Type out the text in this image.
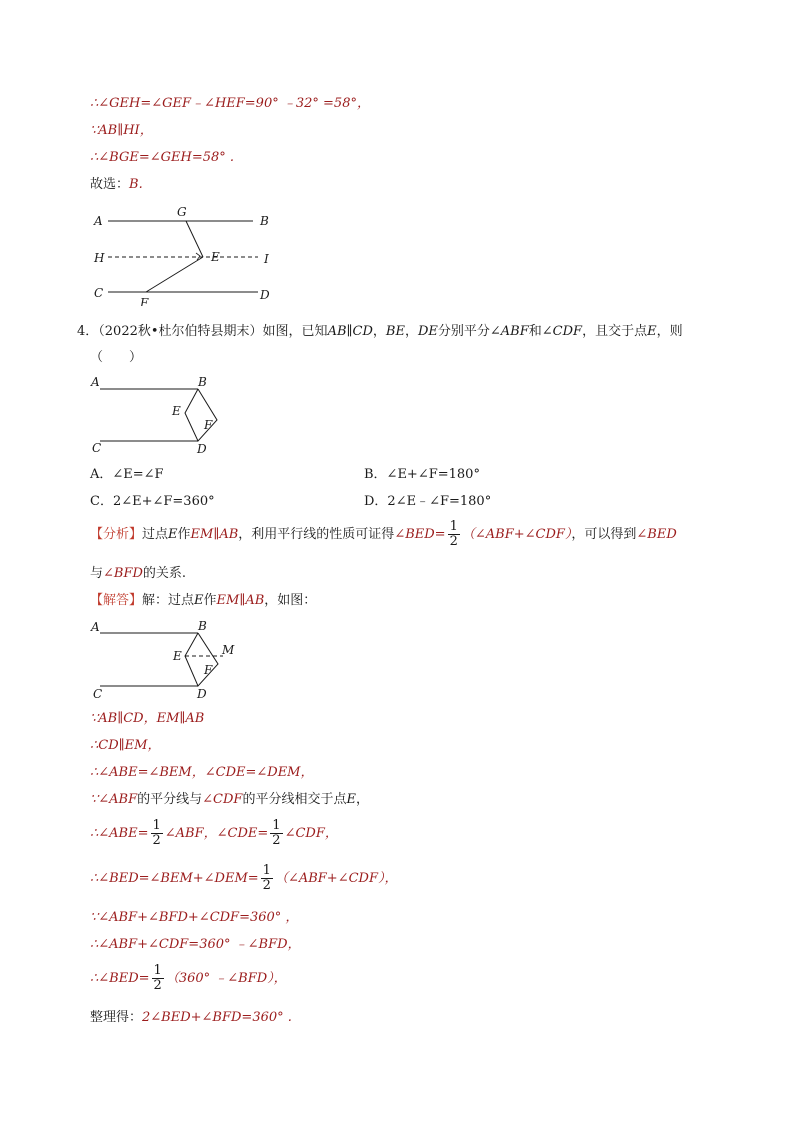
∴∠GEH=∠GEF﹣∠HEF=90° ﹣32° =58°，
∵AB∥HI，
∴∠BGE=∠GEH=58° .
故选：B.
A
G
B
H	E	I
C
F
D
4．（2022秋•杜尔伯特县期末）如图，已知AB∥CD，BE，DE分别平分∠ABF和∠CDF，且交于点E，则
（　　）
A	B
E
F
C	D
A．∠E=∠F	B．∠E+∠F=180°
C．2∠E+∠F=360°	D．2∠E﹣∠F=180°
【分析】过点E作EM∥AB，利用平行线的性质可证得∠BED= $\frac{1}{2}$ （∠ABF+∠CDF），可以得到∠BED
与∠BFD的关系.
【解答】解：过点E作EM∥AB，如图：
A	B
E	M
F
C	D
∵AB∥CD，EM∥AB
∴CD∥EM，
∴∠ABE=∠BEM，∠CDE=∠DEM，
∵∠ABF的平分线与∠CDF的平分线相交于点E，
∴∠ABE= $\frac{1}{2}$ ∠ABF，∠CDE= $\frac{1}{2}$ ∠CDF，
∴∠BED=∠BEM+∠DEM= $\frac{1}{2}$ （∠ABF+∠CDF），
∵∠ABF+∠BFD+∠CDF=360° ，
∴∠ABF+∠CDF=360° ﹣∠BFD，
∴∠BED= $\frac{1}{2} (360^\circ$ ﹣∠BFD），
整理得：2∠BED+∠BFD=360° .
